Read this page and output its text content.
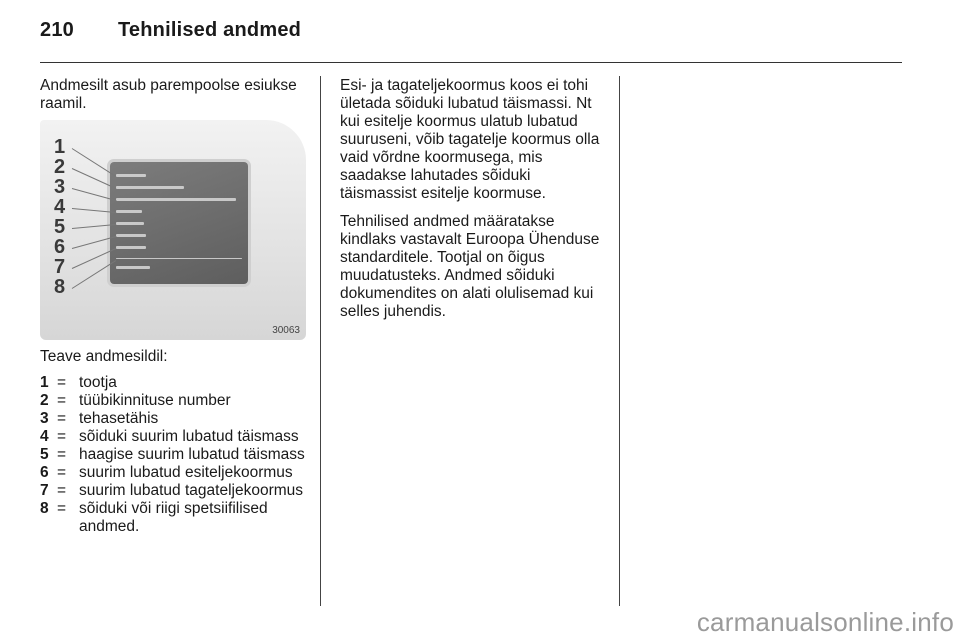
210 Tehnilised andmed

Andmesilt asub parempoolse esiukse raamil.

1
2
3
4
5
6
7
8
30063
Teave andmesildil:
1 = tootja
2 = tüübikinnituse number
3 = tehasetähis
4 = sõiduki suurim lubatud täismass
5 = haagise suurim lubatud täismass
6 = suurim lubatud esiteljekoormus
7 = suurim lubatud tagateljekoormus
8 = sõiduki või riigi spetsiifilised andmed.

Esi- ja tagateljekoormus koos ei tohi ületada sõiduki lubatud täismassi. Nt kui esitelje koormus ulatub lubatud suuruseni, võib tagatelje koormus olla vaid võrdne koormusega, mis saadakse lahutades sõiduki täismassist esitelje koormuse.

Tehnilised andmed määratakse kindlaks vastavalt Euroopa Ühenduse standarditele. Tootjal on õigus muudatusteks. Andmed sõiduki dokumendites on alati olulisemad kui selles juhendis.

carmanualsonline.info
